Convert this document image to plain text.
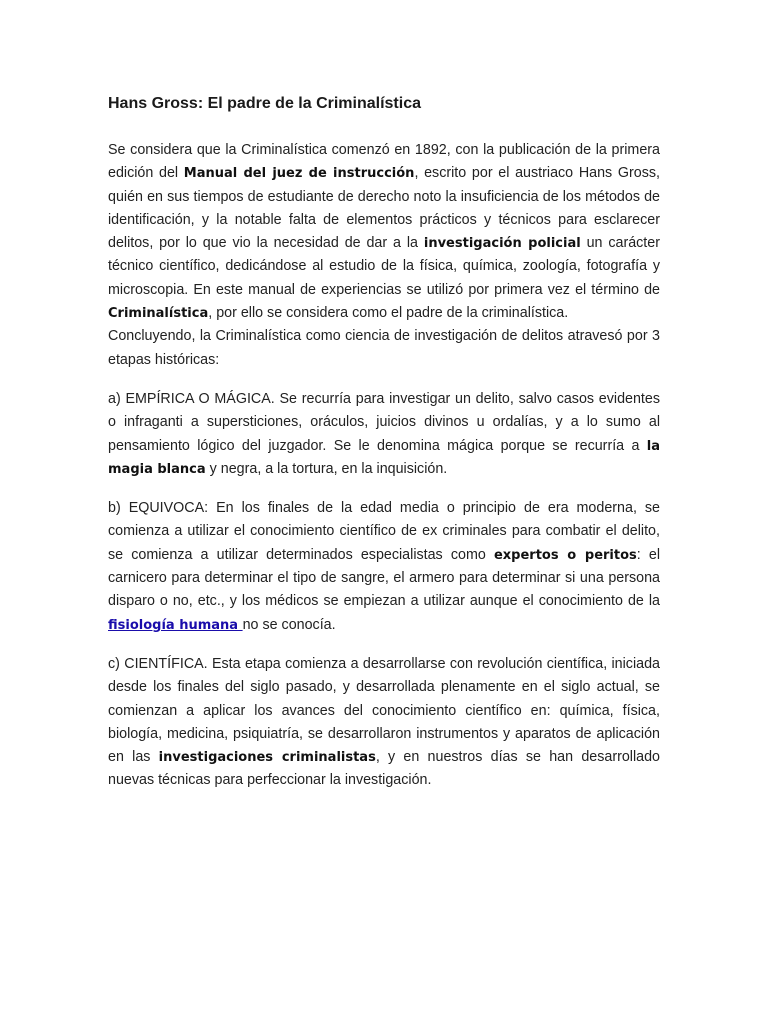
Hans Gross: El padre de la Criminalística

Se considera que la Criminalística comenzó en 1892, con la publicación de la primera edición del Manual del juez de instrucción, escrito por el austriaco Hans Gross, quién en sus tiempos de estudiante de derecho noto la insuficiencia de los métodos de identificación, y la notable falta de elementos prácticos y técnicos para esclarecer delitos, por lo que vio la necesidad de dar a la investigación policial un carácter técnico científico, dedicándose al estudio de la física, química, zoología, fotografía y microscopia. En este manual de experiencias se utilizó por primera vez el término de Criminalística, por ello se considera como el padre de la criminalística.

Concluyendo, la Criminalística como ciencia de investigación de delitos atravesó por 3 etapas históricas:

a) EMPÍRICA O MÁGICA. Se recurría para investigar un delito, salvo casos evidentes o infraganti a supersticiones, oráculos, juicios divinos u ordalías, y a lo sumo al pensamiento lógico del juzgador. Se le denomina mágica porque se recurría a la magia blanca y negra, a la tortura, en la inquisición.

b) EQUIVOCA: En los finales de la edad media o principio de era moderna, se comienza a utilizar el conocimiento científico de ex criminales para combatir el delito, se comienza a utilizar determinados especialistas como expertos o peritos: el carnicero para determinar el tipo de sangre, el armero para determinar si una persona disparo o no, etc., y los médicos se empiezan a utilizar aunque el conocimiento de la fisiología humana no se conocía.

c) CIENTÍFICA. Esta etapa comienza a desarrollarse con revolución científica, iniciada desde los finales del siglo pasado, y desarrollada plenamente en el siglo actual, se comienzan a aplicar los avances del conocimiento científico en: química, física, biología, medicina, psiquiatría, se desarrollaron instrumentos y aparatos de aplicación en las investigaciones criminalistas, y en nuestros días se han desarrollado nuevas técnicas para perfeccionar la investigación.
